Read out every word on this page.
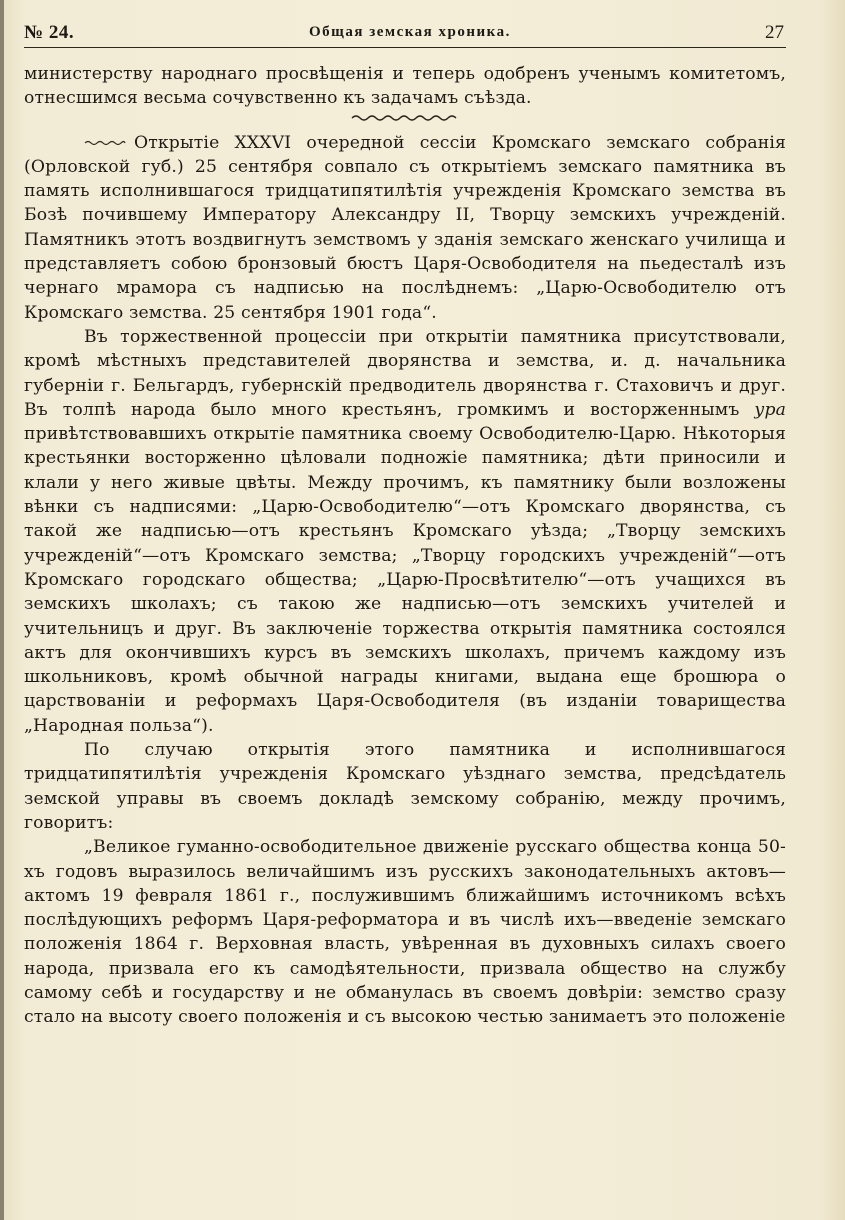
№ 24.	Общая земская хроника.	27

министерству народнаго просвѣщенія и теперь одобренъ ученымъ комитетомъ, отнесшимся весьма сочувственно къ задачамъ съѣзда.

Открытіе XXXVI очередной сессіи Кромскаго земскаго собранія (Орловской губ.) 25 сентября совпало съ открытіемъ земскаго памятника въ память исполнившагося тридцатипятилѣтія учрежденія Кромскаго земства въ Бозѣ почившему Императору Александру II, Творцу земскихъ учрежденій. Памятникъ этотъ воздвигнутъ земствомъ у зданія земскаго женскаго училища и представляетъ собою бронзовый бюстъ Царя-Освободителя на пьедесталѣ изъ чернаго мрамора съ надписью на послѣднемъ: „Царю-Освободителю отъ Кромскаго земства. 25 сентября 1901 года“.

Въ торжественной процессіи при открытіи памятника присутствовали, кромѣ мѣстныхъ представителей дворянства и земства, и. д. начальника губерніи г. Бельгардъ, губернскій предводитель дворянства г. Стаховичъ и друг. Въ толпѣ народа было много крестьянъ, громкимъ и восторженнымъ ура привѣтствовавшихъ открытіе памятника своему Освободителю-Царю. Нѣкоторыя крестьянки восторженно цѣловали подножіе памятника; дѣти приносили и клали у него живые цвѣты. Между прочимъ, къ памятнику были возложены вѣнки съ надписями: „Царю-Освободителю“—отъ Кромскаго дворянства, съ такой же надписью—отъ крестьянъ Кромскаго уѣзда; „Творцу земскихъ учрежденій“—отъ Кромскаго земства; „Творцу городскихъ учрежденій“—отъ Кромскаго городскаго общества; „Царю-Просвѣтителю“—отъ учащихся въ земскихъ школахъ; съ такою же надписью—отъ земскихъ учителей и учительницъ и друг. Въ заключеніе торжества открытія памятника состоялся актъ для окончившихъ курсъ въ земскихъ школахъ, причемъ каждому изъ школьниковъ, кромѣ обычной награды книгами, выдана еще брошюра о царствованіи и реформахъ Царя-Освободителя (въ изданіи товарищества „Народная польза“).

По случаю открытія этого памятника и исполнившагося тридцатипятилѣтія учрежденія Кромскаго уѣзднаго земства, предсѣдатель земской управы въ своемъ докладѣ земскому собранію, между прочимъ, говоритъ:

„Великое гуманно-освободительное движеніе русскаго общества конца 50-хъ годовъ выразилось величайшимъ изъ русскихъ законодательныхъ актовъ—актомъ 19 февраля 1861 г., послужившимъ ближайшимъ источникомъ всѣхъ послѣдующихъ реформъ Царя-реформатора и въ числѣ ихъ—введеніе земскаго положенія 1864 г. Верховная власть, увѣренная въ духовныхъ силахъ своего народа, призвала его къ самодѣятельности, призвала общество на службу самому себѣ и государству и не обманулась въ своемъ довѣріи: земство сразу стало на высоту своего положенія и съ высокою честью занимаетъ это положеніе
